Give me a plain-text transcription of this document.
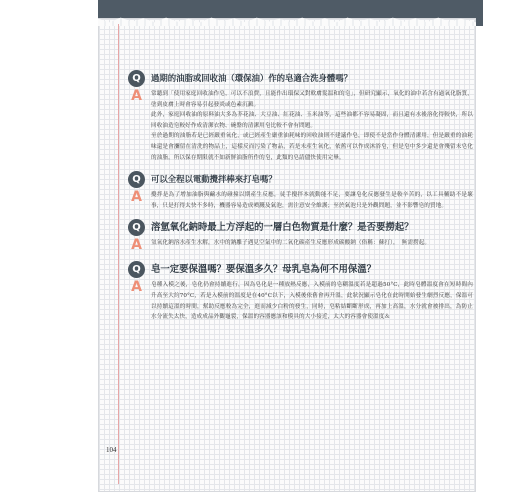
Q	過期的油脂或回收油（環保油）作的皂適合洗身體嗎？
A	常聽到「使用家庭回收油作皂，可以不浪費，且能作出環保又對軟膚髮溫和的皂」，但研究顯示，氧化的油中若含有過氧化脂質，塗到皮膚上時會容易引起發炎或色素沉澱。

此外，家庭回收油的原料油大多為芥花油、大豆油、紅花油、玉米油等，這些油都不容易凝固，而且還有水後溶化得較快，所以回收油造皂較好作成清潔衣物、碗盤的清潔用皂比較不會有問題。

至於過期的油脂若是已經嚴重氧化，或已經產生嚴重油耗味的回收油則不建議作皂，即使不是當作身體清潔用，但是嚴重的油耗味還是會瀰留在清洗的物品上，這樣反而污染了物品，若是未產生氧化，依舊可以作成沐浴皂，但是皂中多少還是會殘留未皂化的油脂，所以保存期限就不如新鮮油脂所作的皂，此類的皂請儘快使用完畢。

Q	可以全程以電動攪拌棒來打皂嗎？
A	攪拌是為了增加油脂與鹼水的碰撞以期產生反應，徒手攪拌本就動能不足，要讓皂化反應發生是較辛苦的，以工具輔助不是壞事，只是打得太快不多時，機器容易造成噴濺及氣泡，需注意安全維護；至於氣泡只是外觀問題，並不影響皂的質地。

Q	溶氫氧化鈉時最上方浮起的一層白色物質是什麼？是否要撈起？
A	氫氧化鈉溶水產生水解，水中的鈉離子遇見空氣中的二氧化碳產生反應形成碳酸鈉（俗稱：蘇打），　無需撈起。

Q	皂一定要保溫嗎？要保溫多久？母乳皂為何不用保溫？
A	皂種入模之後，皂化仍會持續進行，因為皂化是一種放熱反應，入模前的皂糊溫度若是超過50°C，此時皂體溫度會在短時間內升高至大約70°C，若是入模前的溫度是在40°C以下，入模後依舊會再升溫，此狀況顯示皂化在此時開始發生劇烈反應，保溫可以持續這溫的時間，幫助反應較為完全，進而減少白粉的發生，同時，皂粘結斷斷形成，再加上高溫，水分就會被排出，為防止水分流失太快，造成成品外觀龜裂，保溫的容器應該和模具的大小接近，太大的容器會使溫度＆

104
